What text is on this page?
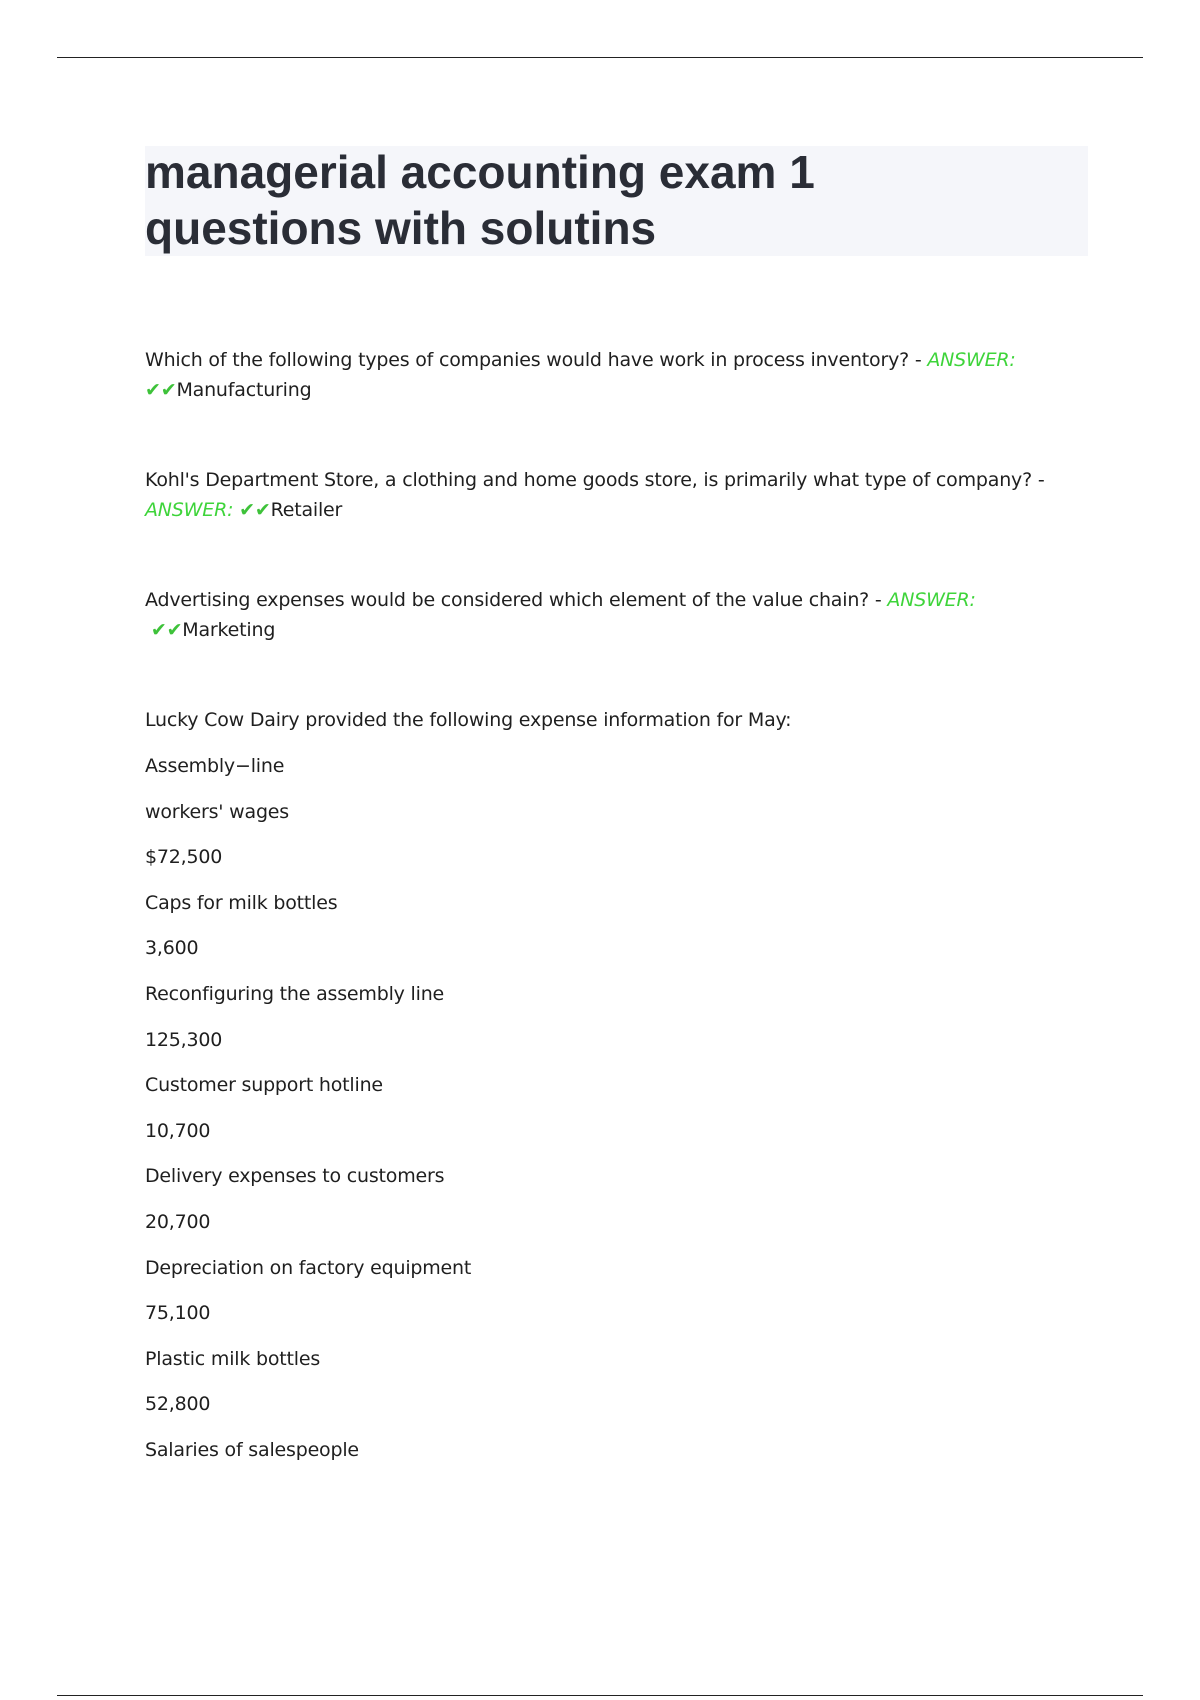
managerial accounting exam 1
questions with solutins

Which of the following types of companies would have work in process inventory? - ANSWER:
✔✔Manufacturing

Kohl's Department Store, a clothing and home goods store, is primarily what type of company? -
ANSWER: ✔✔Retailer

Advertising expenses would be considered which element of the value chain? - ANSWER: ✔✔Marketing

Lucky Cow Dairy provided the following expense information for May:

Assembly−line

workers' wages

$72,500

Caps for milk bottles

3,600

Reconfiguring the assembly line

125,300

Customer support hotline

10,700

Delivery expenses to customers

20,700

Depreciation on factory equipment

75,100

Plastic milk bottles

52,800

Salaries of salespeople
